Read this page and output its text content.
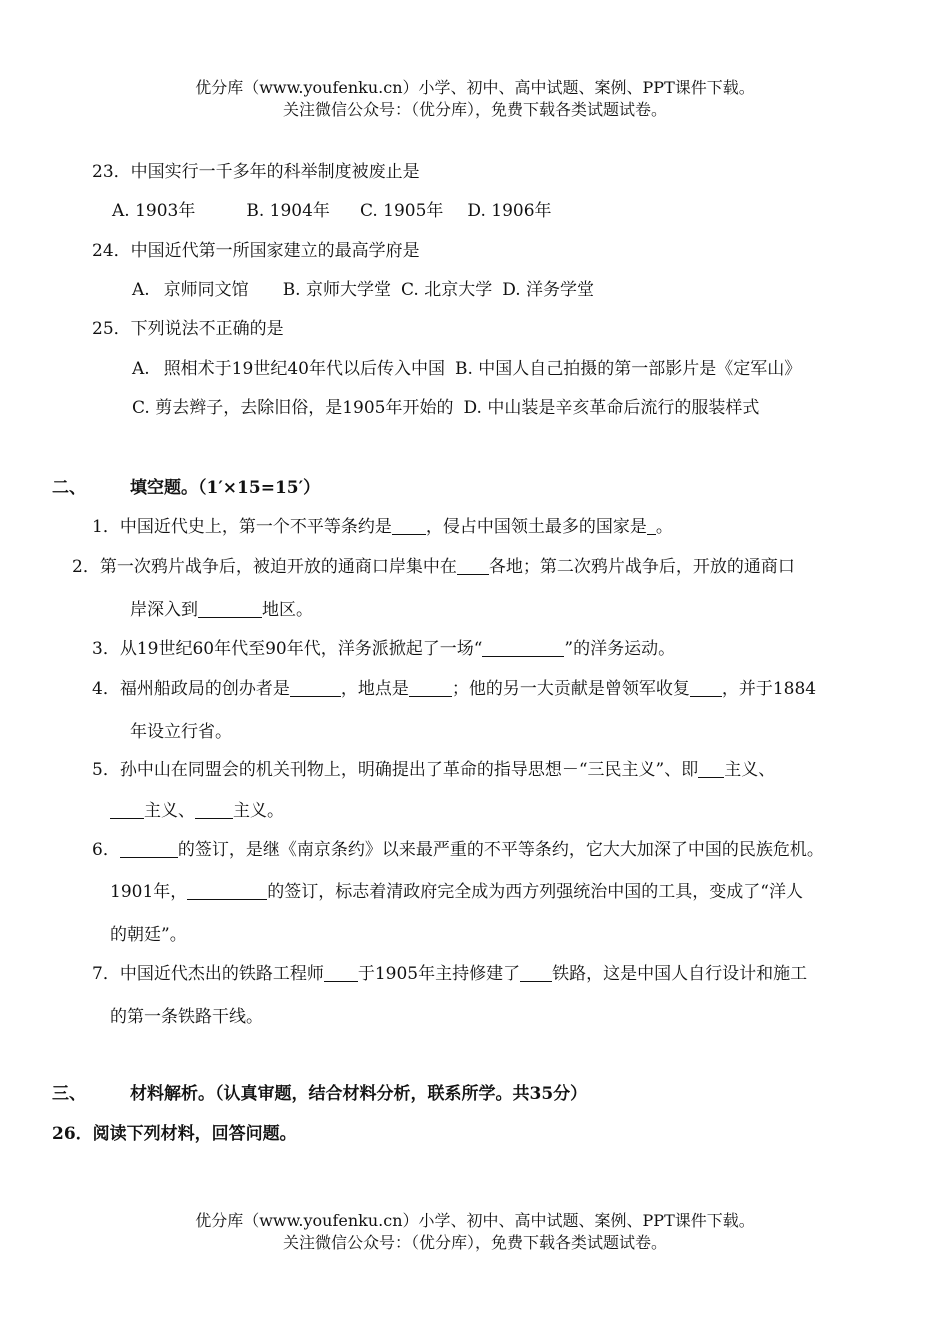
优分库（www.youfenku.cn）小学、初中、高中试题、案例、PPT课件下载。
关注微信公众号：（优分库），免费下载各类试题试卷。
23．中国实行一千多年的科举制度被废止是
A. 1903年	B. 1904年 C. 1905年 D. 1906年
24．中国近代第一所国家建立的最高学府是
A. 京师同文馆 B. 京师大学堂 C. 北京大学 D. 洋务学堂
25．下列说法不正确的是
A. 照相术于19世纪40年代以后传入中国 B. 中国人自己拍摄的第一部影片是《定军山》
C. 剪去辫子，去除旧俗，是1905年开始的 D. 中山装是辛亥革命后流行的服装样式
二、	填空题。（1′×15=15′）
1．中国近代史上，第一个不平等条约是 ，侵占中国领土最多的国家是 。
2．第一次鸦片战争后，被迫开放的通商口岸集中在 各地；第二次鸦片战争后，开放的通商口
岸深入到	地区。
3．从19世纪60年代至90年代，洋务派掀起了一场“	”的洋务运动。
4．福州船政局的创办者是	，地点是	；他的另一大贡献是曾领军收复 ，并于1884
年设立行省。
5．孙中山在同盟会的机关刊物上，明确提出了革命的指导思想－“三民主义”、即 主义、
主义、 主义。
6．	的签订，是继《南京条约》以来最严重的不平等条约，它大大加深了中国的民族危机。
1901年，	的签订，标志着清政府完全成为西方列强统治中国的工具，变成了“洋人
的朝廷”。
7．中国近代杰出的铁路工程师 于1905年主持修建了 铁路，这是中国人自行设计和施工
的第一条铁路干线。
三、	材料解析。（认真审题，结合材料分析，联系所学。共35分）
26．阅读下列材料，回答问题。
优分库（www.youfenku.cn）小学、初中、高中试题、案例、PPT课件下载。
关注微信公众号：（优分库），免费下载各类试题试卷。
